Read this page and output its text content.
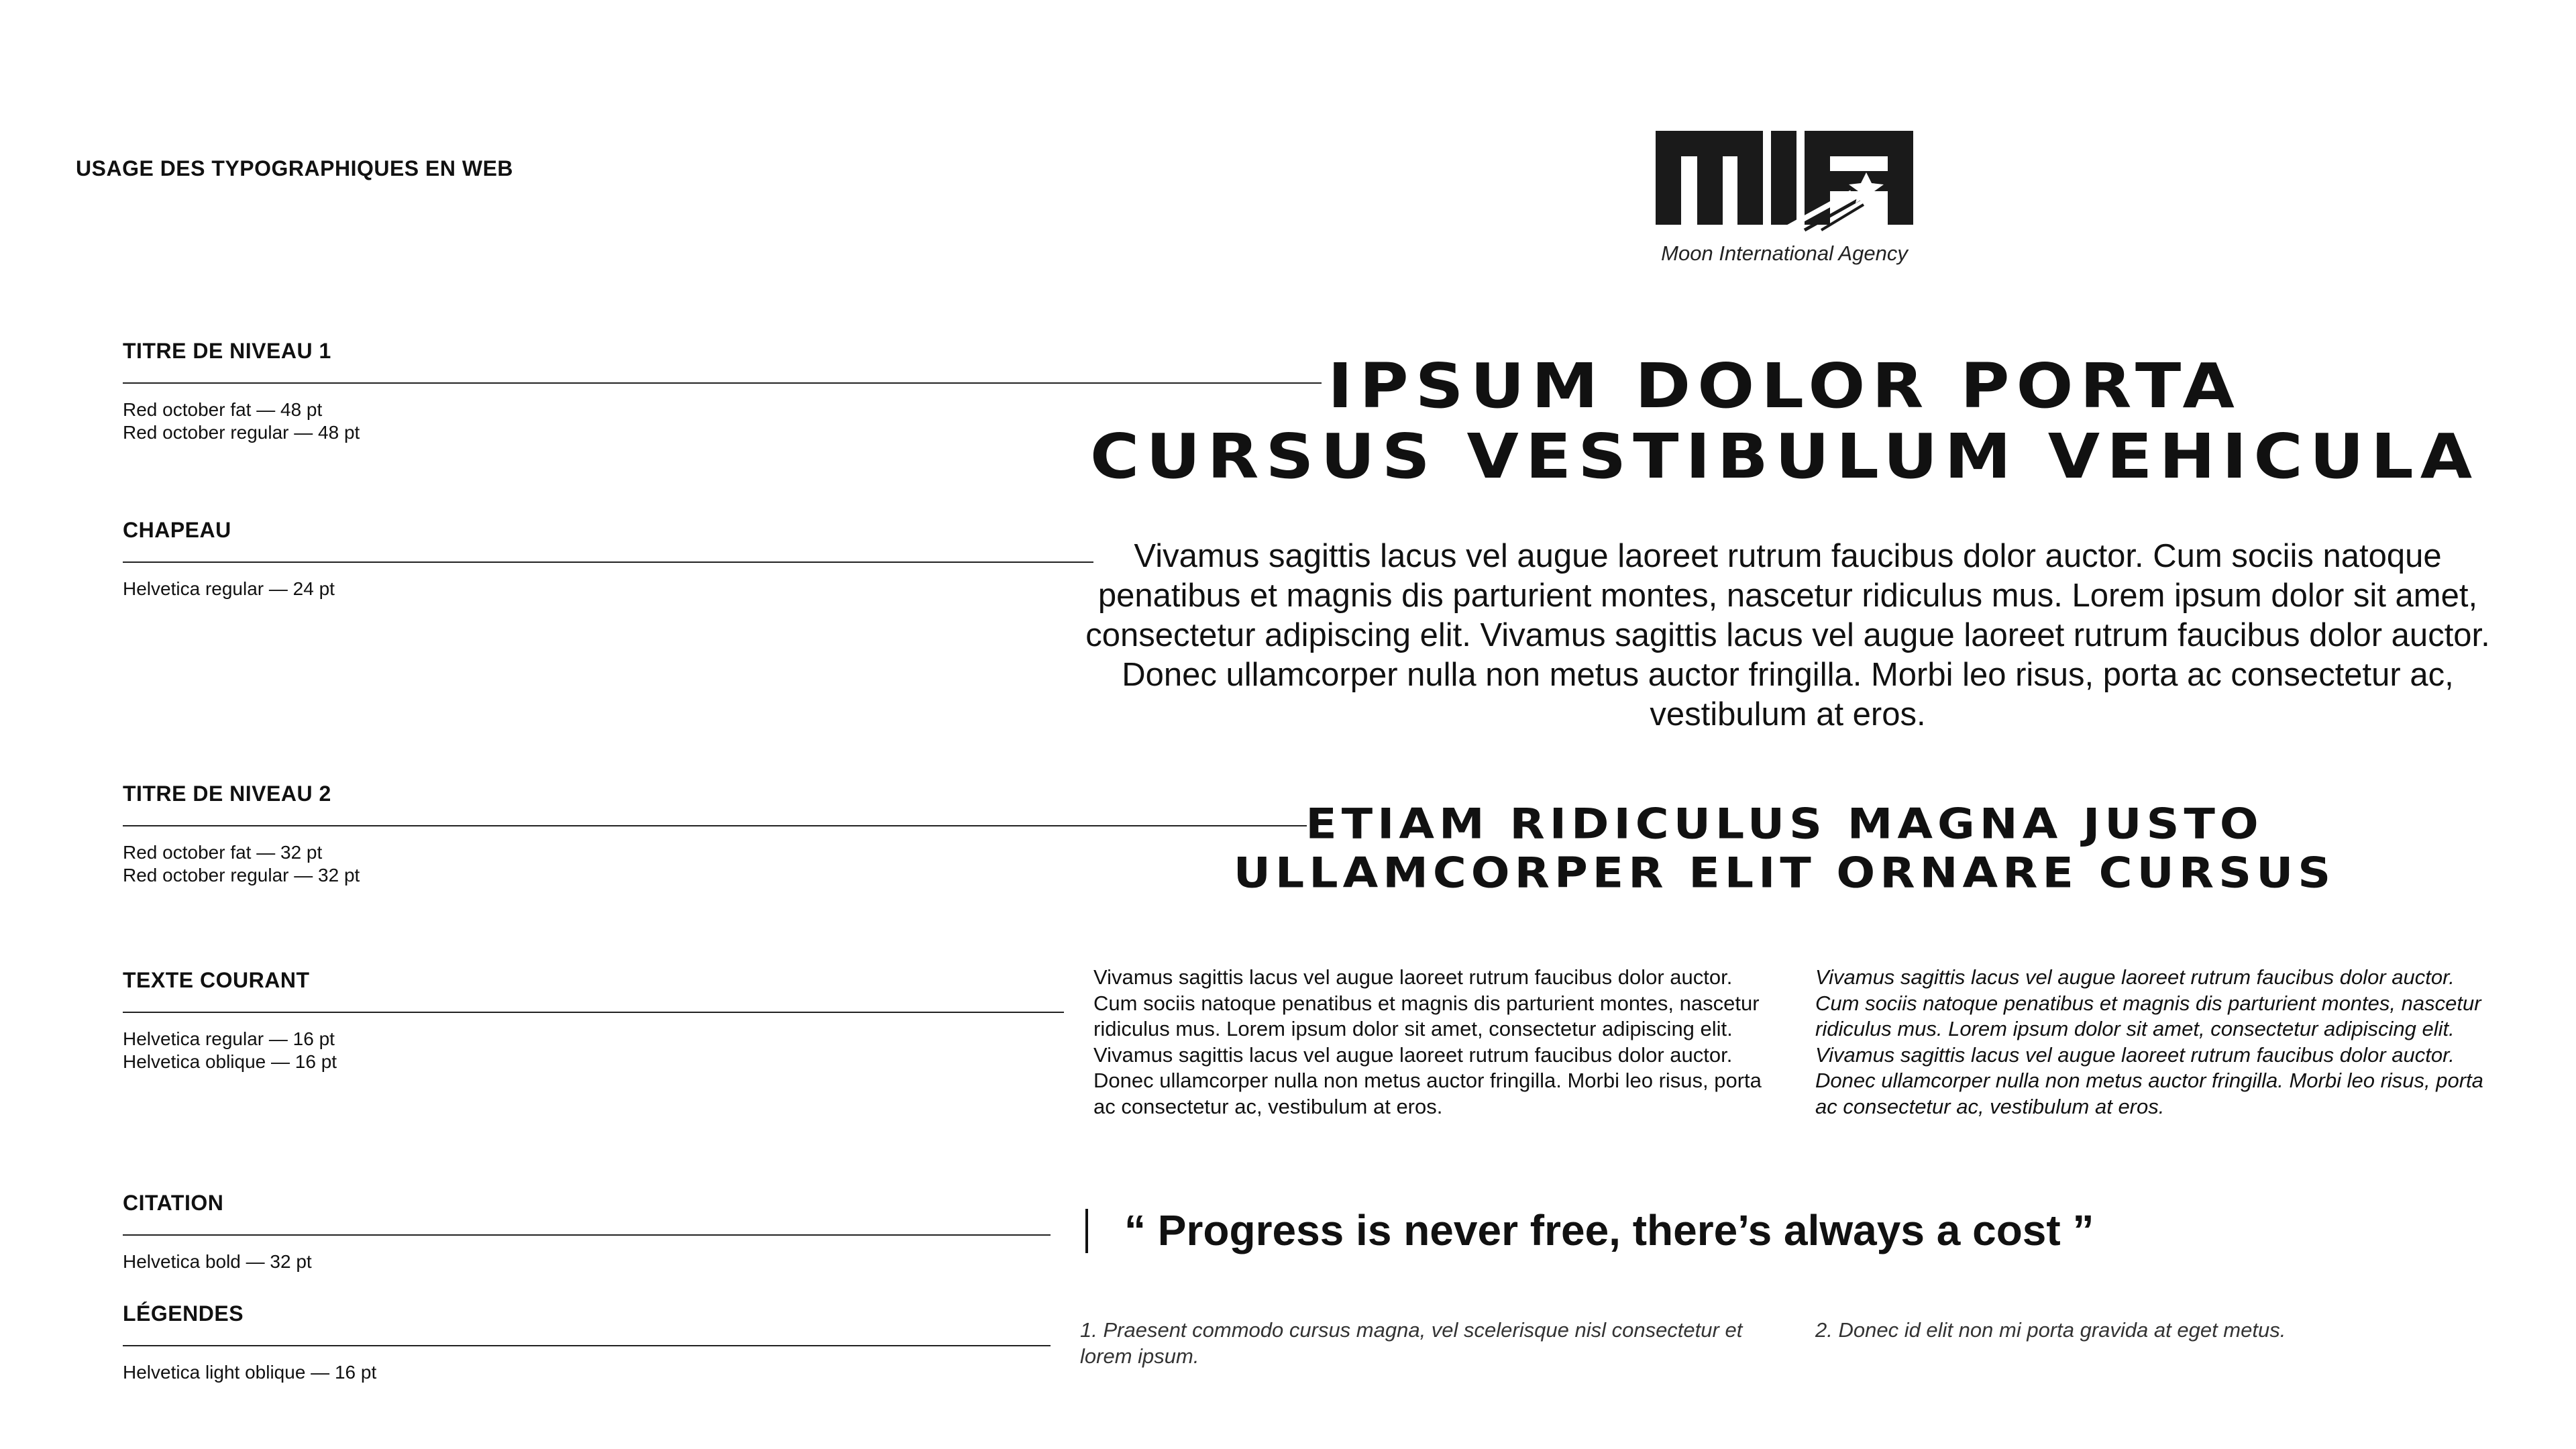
USAGE DES TYPOGRAPHIQUES EN WEB
TITRE DE NIVEAU 1
Red october fat — 48 pt
Red october regular — 48 pt
CHAPEAU
Helvetica regular — 24 pt
TITRE DE NIVEAU 2
Red october fat — 32 pt
Red october regular — 32 pt
TEXTE COURANT
Helvetica regular — 16 pt
Helvetica oblique — 16 pt
CITATION
Helvetica bold — 32 pt
LÉGENDES
Helvetica light oblique — 16 pt
Moon International Agency
IPSUM DOLOR PORTA
CURSUS VESTIBULUM VEHICULA
Vivamus sagittis lacus vel augue laoreet rutrum faucibus dolor auctor. Cum sociis natoque penatibus et magnis dis parturient montes, nascetur ridiculus mus. Lorem ipsum dolor sit amet, consectetur adipiscing elit. Vivamus sagittis lacus vel augue laoreet rutrum faucibus dolor auctor. Donec ullamcorper nulla non metus auctor fringilla. Morbi leo risus, porta ac consectetur ac, vestibulum at eros.
ETIAM RIDICULUS MAGNA JUSTO
ULLAMCORPER ELIT ORNARE CURSUS

Vivamus sagittis lacus vel augue laoreet rutrum faucibus dolor auctor. Cum sociis natoque penatibus et magnis dis parturient montes, nascetur ridiculus mus. Lorem ipsum dolor sit amet, consectetur adipiscing elit.

Vivamus sagittis lacus vel augue laoreet rutrum faucibus dolor auctor. Donec ullamcorper nulla non metus auctor fringilla. Morbi leo risus, porta ac consectetur ac, vestibulum at eros.

Vivamus sagittis lacus vel augue laoreet rutrum faucibus dolor auctor. Cum sociis natoque penatibus et magnis dis parturient montes, nascetur ridiculus mus. Lorem ipsum dolor sit amet, consectetur adipiscing elit.

Vivamus sagittis lacus vel augue laoreet rutrum faucibus dolor auctor. Donec ullamcorper nulla non metus auctor fringilla. Morbi leo risus, porta ac consectetur ac, vestibulum at eros.

“ Progress is never free, there’s always a cost ”
1. Praesent commodo cursus magna, vel scelerisque nisl consectetur et lorem ipsum.
2. Donec id elit non mi porta gravida at eget metus.
